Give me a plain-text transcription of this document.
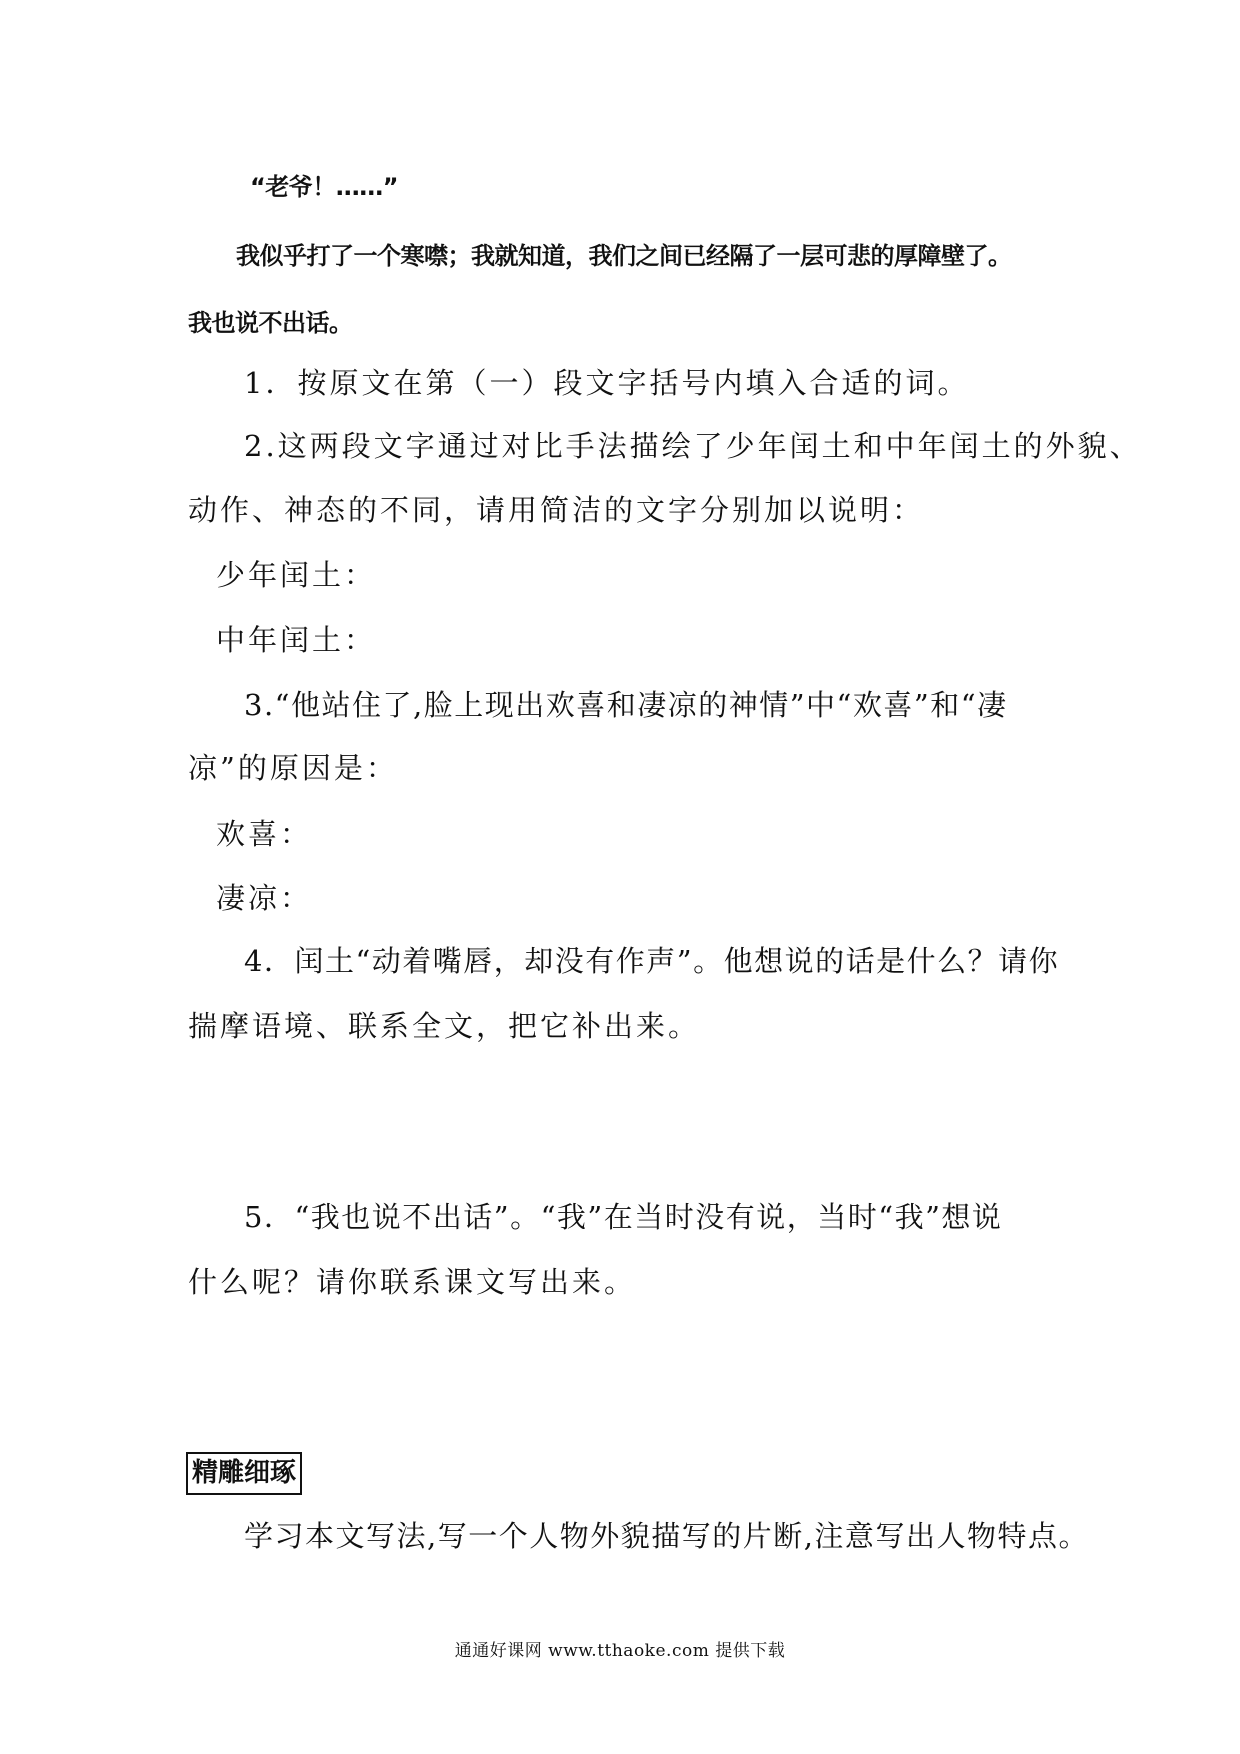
“老爷！……”

我似乎打了一个寒噤；我就知道，我们之间已经隔了一层可悲的厚障壁了。

我也说不出话。

1．按原文在第（一）段文字括号内填入合适的词。

2.这两段文字通过对比手法描绘了少年闰土和中年闰土的外貌、

动作、神态的不同，请用简洁的文字分别加以说明：

少年闰土：

中年闰土：

3.“他站住了,脸上现出欢喜和凄凉的神情”中“欢喜”和“凄

凉”的原因是：

欢喜：

凄凉：

4．闰土“动着嘴唇，却没有作声”。他想说的话是什么？请你

揣摩语境、联系全文，把它补出来。

5．“我也说不出话”。“我”在当时没有说，当时“我”想说

什么呢？请你联系课文写出来。

精雕细琢

学习本文写法,写一个人物外貌描写的片断,注意写出人物特点。

通通好课网 www.tthaoke.com 提供下载
